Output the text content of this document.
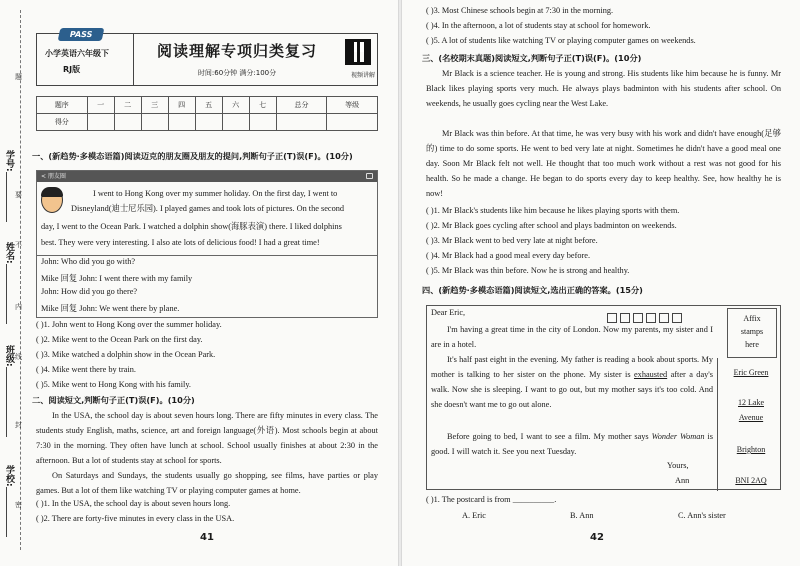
学号:
姓名:
班级:
学校:
题
要
不
内
线
封
密
PASS
小学英语六年级下
RJ版
阅读理解专项归类复习
时间:60分钟 满分:100分	视频讲解
题序	一	二	三	四	五	六	七	总分	等级
得分									
一、(新趋势·多模态语篇)阅读迈克的朋友圈及朋友的提问,判断句子正(T)误(F)。(10分)
< 朋友圈
I went to Hong Kong over my summer holiday. On the first day, I went to
Disneyland(迪士尼乐园). I played games and took lots of pictures. On the second
day, I went to the Ocean Park. I watched a dolphin show(海豚表演) there. I liked dolphins
best. They were very interesting. I also ate lots of delicious food! I had a great time!
John: Who did you go with?
Mike 回复 John: I went there with my family
John: How did you go there?
Mike 回复 John: We went there by plane.
( )1. John went to Hong Kong over the summer holiday.
( )2. Mike went to the Ocean Park on the first day.
( )3. Mike watched a dolphin show in the Ocean Park.
( )4. Mike went there by train.
( )5. Mike went to Hong Kong with his family.
二、阅读短文,判断句子正(T)误(F)。(10分)
In the USA, the school day is about seven hours long. There are fifty minutes in every class. The students study English, maths, science, art and foreign language(外语). Most schools begin at about 7:30 in the morning. They often have lunch at school. School usually finishes at about 2:30 in the afternoon. But a lot of students stay at school for sports.
On Saturdays and Sundays, the students usually go shopping, see films, have parties or play games. But a lot of them like watching TV or playing computer games at home.
( )1. In the USA, the school day is about seven hours long.
( )2. There are forty-five minutes in every class in the USA.
41
( )3. Most Chinese schools begin at 7:30 in the morning.
( )4. In the afternoon, a lot of students stay at school for homework.
( )5. A lot of students like watching TV or playing computer games on weekends.
三、(名校期末真题)阅读短文,判断句子正(T)误(F)。(10分)
Mr Black is a science teacher. He is young and strong. His students like him because he is funny. Mr Black likes playing sports very much. He always plays badminton with his students after school. On weekends, he usually goes cycling near the West Lake.
Mr Black was thin before. At that time, he was very busy with his work and didn't have enough(足够的) time to do some sports. He went to bed very late at night. Sometimes he didn't have a good meal one day. Soon Mr Black felt not well. He thought that too much work without a rest was not good for his health. So he made a change. He began to do sports every day to keep healthy. See, how healthy he is now!
( )1. Mr Black's students like him because he likes playing sports with them.
( )2. Mr Black goes cycling after school and plays badminton on weekends.
( )3. Mr Black went to bed very late at night before.
( )4. Mr Black had a good meal every day before.
( )5. Mr Black was thin before. Now he is strong and healthy.
四、(新趋势·多模态语篇)阅读短文,选出正确的答案。(15分)
Dear Eric,
Affix
stamps
here
Eric Green
12 Lake
Avenue
Brighton
BNI 2AQ
I'm having a great time in the city of London. Now my parents, my sister and I are in a hotel.
It's half past eight in the evening. My father is reading a book about sports. My mother is talking to her sister on the phone. My sister is exhausted after a day's walk. Now she is sleeping. I want to go out, but my mother says it's too cold. And she doesn't want me to go out alone.
Before going to bed, I want to see a film. My mother says Wonder Woman is good. I will watch it. See you next Tuesday.
Yours,
Ann
( )1. The postcard is from __________.
A. Eric	B. Ann	C. Ann's sister
42
